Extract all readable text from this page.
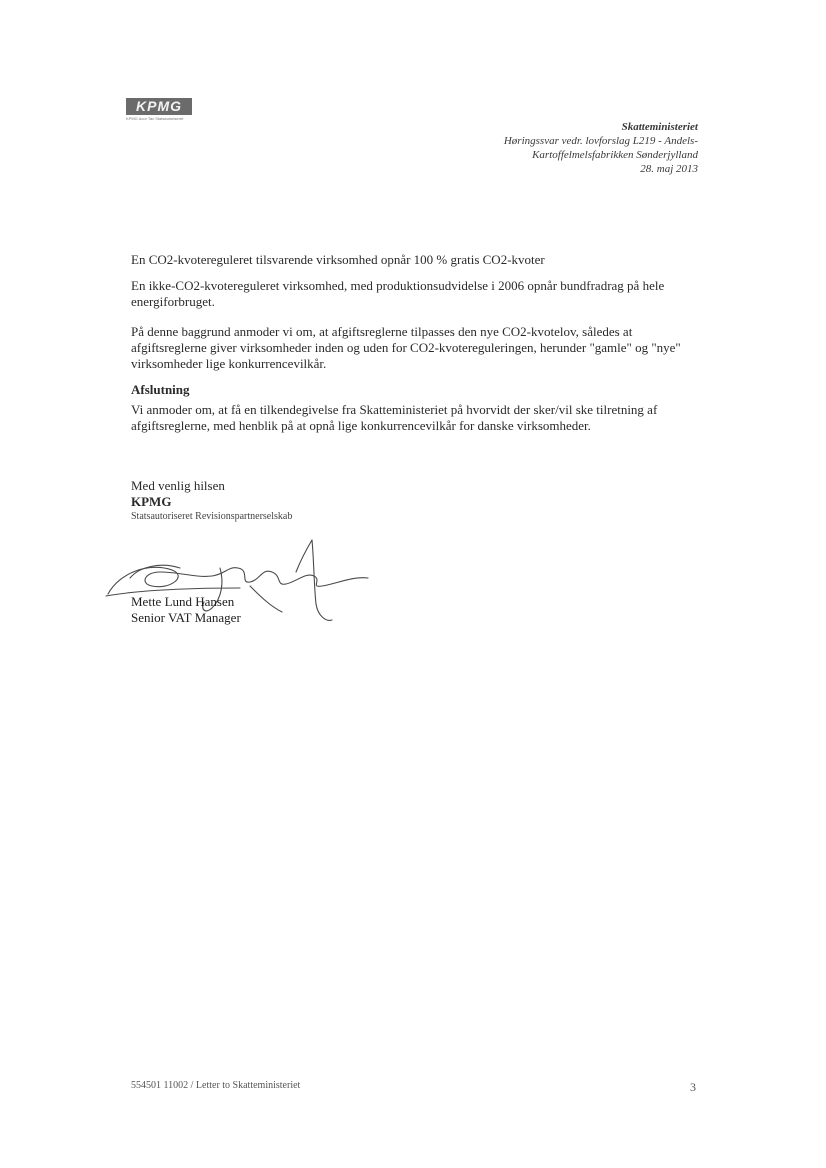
KPMG
KPMG Acor Tax Statsautoriseret
Skatteministeriet
Høringssvar vedr. lovforslag L219 - Andels-
Kartoffelmelsfabrikken Sønderjylland
28. maj 2013

En CO2-kvotereguleret tilsvarende virksomhed opnår 100 % gratis CO2-kvoter

En ikke-CO2-kvotereguleret virksomhed, med produktionsudvidelse i 2006 opnår bundfradrag på hele energiforbruget.

På denne baggrund anmoder vi om, at afgiftsreglerne tilpasses den nye CO2-kvotelov, således at afgiftsreglerne giver virksomheder inden og uden for CO2-kvotereguleringen, herunder "gamle" og "nye" virksomheder lige konkurrencevilkår.

Afslutning

Vi anmoder om, at få en tilkendegivelse fra Skatteministeriet på hvorvidt der sker/vil ske tilretning af afgiftsreglerne, med henblik på at opnå lige konkurrencevilkår for danske virksomheder.

Med venlig hilsen
KPMG
Statsautoriseret Revisionspartnerselskab
Mette Lund Hansen
Senior VAT Manager
554501 11002 / Letter to Skatteministeriet	3
